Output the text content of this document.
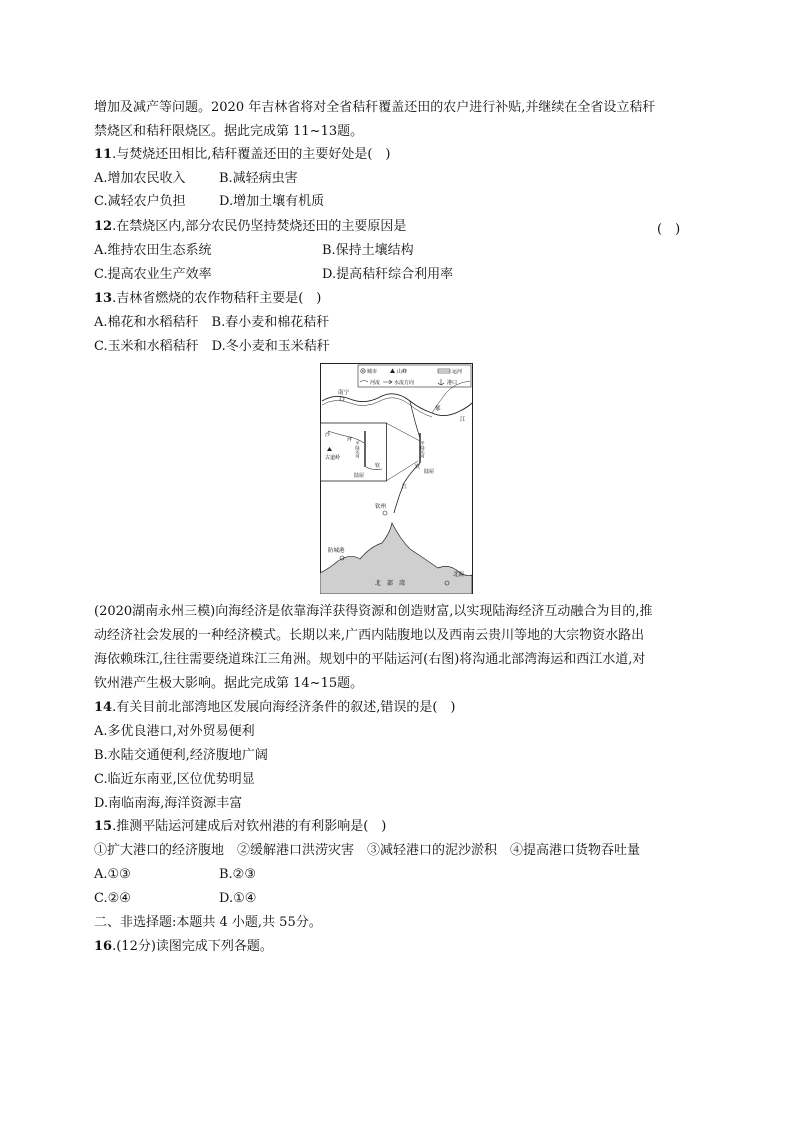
增加及减产等问题。2020 年吉林省将对全省秸秆覆盖还田的农户进行补贴,并继续在全省设立秸秆
禁烧区和秸秆限烧区。据此完成第 11~13题。
11.与焚烧还田相比,秸秆覆盖还田的主要好处是(　)
A.增加农民收入	B.减轻病虫害
C.减轻农户负担	D.增加土壤有机质
12.在禁烧区内,部分农民仍坚持焚烧还田的主要原因是	(　)
A.维持农田生态系统	B.保持土壤结构
C.提高农业生产效率	D.提高秸秆综合利用率
13.吉林省燃烧的农作物秸秆主要是(　)
A.棉花和水稻秸秆　B.春小麦和棉花秸秆
C.玉米和水稻秸秆　D.冬小麦和玉米秸秆
城市	山峰	运河
河流	水流方向	港口
南宁
郁
江
沙
坪
古道岭
平陆运河
钦
陆屋
平陆运河
钦
陆屋
江
钦州
防城港
北海
北　部　湾
(2020湖南永州三模)向海经济是依靠海洋获得资源和创造财富,以实现陆海经济互动融合为目的,推
动经济社会发展的一种经济模式。长期以来,广西内陆腹地以及西南云贵川等地的大宗物资水路出
海依赖珠江,往往需要绕道珠江三角洲。规划中的平陆运河(右图)将沟通北部湾海运和西江水道,对
钦州港产生极大影响。据此完成第 14~15题。
14.有关目前北部湾地区发展向海经济条件的叙述,错误的是(　)
A.多优良港口,对外贸易便利
B.水陆交通便利,经济腹地广阔
C.临近东南亚,区位优势明显
D.南临南海,海洋资源丰富
15.推测平陆运河建成后对钦州港的有利影响是(　)
①扩大港口的经济腹地　②缓解港口洪涝灾害　③减轻港口的泥沙淤积　④提高港口货物吞吐量
A.①③	B.②③
C.②④	D.①④
二、非选择题:本题共 4 小题,共 55分。
16.(12分)读图完成下列各题。
